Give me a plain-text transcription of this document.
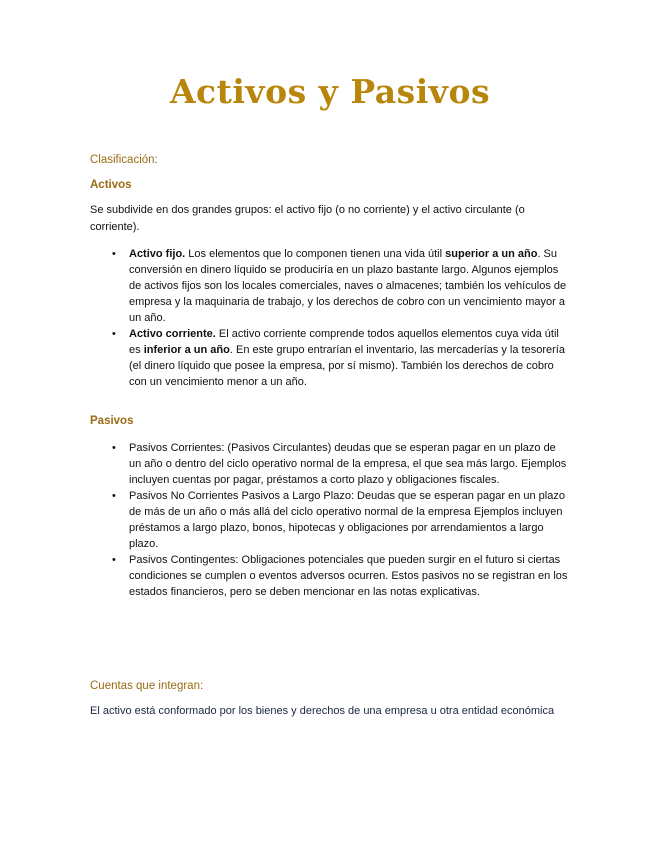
Activos y Pasivos

Clasificación:

Activos

Se subdivide en dos grandes grupos: el activo fijo (o no corriente) y el activo circulante (o corriente).

• Activo fijo. Los elementos que lo componen tienen una vida útil superior a un año. Su conversión en dinero líquido se produciría en un plazo bastante largo. Algunos ejemplos de activos fijos son los locales comerciales, naves o almacenes; también los vehículos de empresa y la maquinaria de trabajo, y los derechos de cobro con un vencimiento mayor a un año.
• Activo corriente. El activo corriente comprende todos aquellos elementos cuya vida útil es inferior a un año. En este grupo entrarían el inventario, las mercaderías y la tesorería (el dinero líquido que posee la empresa, por sí mismo). También los derechos de cobro con un vencimiento menor a un año.

Pasivos

• Pasivos Corrientes: (Pasivos Circulantes) deudas que se esperan pagar en un plazo de un año o dentro del ciclo operativo normal de la empresa, el que sea más largo. Ejemplos incluyen cuentas por pagar, préstamos a corto plazo y obligaciones fiscales.
• Pasivos No Corrientes Pasivos a Largo Plazo: Deudas que se esperan pagar en un plazo de más de un año o más allá del ciclo operativo normal de la empresa Ejemplos incluyen préstamos a largo plazo, bonos, hipotecas y obligaciones por arrendamientos a largo plazo.
• Pasivos Contingentes: Obligaciones potenciales que pueden surgir en el futuro si ciertas condiciones se cumplen o eventos adversos ocurren. Estos pasivos no se registran en los estados financieros, pero se deben mencionar en las notas explicativas.

Cuentas que integran:

El activo está conformado por los bienes y derechos de una empresa u otra entidad económica
